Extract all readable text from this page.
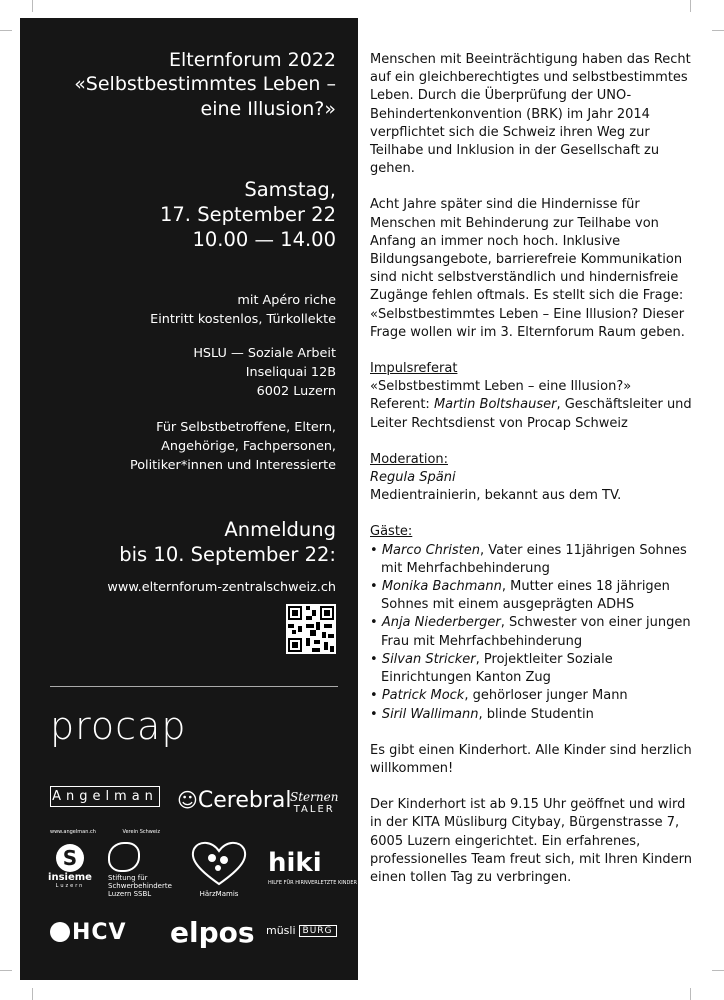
Elternforum 2022
«Selbstbestimmtes Leben –
eine Illusion?»
Samstag,
17. September 22
10.00 — 14.00
mit Apéro riche
Eintritt kostenlos, Türkollekte
HSLU — Soziale Arbeit
Inseliquai 12B
6002 Luzern
Für Selbstbetroffene, Eltern,
Angehörige, Fachpersonen,
Politiker*innen und Interessierte
Anmeldung
bis 10. September 22:
www.elternforum-zentralschweiz.ch
procap
Angelman
www.angelman.ch	Verein Schweiz
☺Cerebral
Sternen
TALER
S
insieme
Luzern
Stiftung für
Schwerbehinderte
Luzern SSBL	HärzMamis
hiki
HILFE FÜR HIRNVERLETZTE KINDER
HCV elpos müsli BURG

Menschen mit Beeinträchtigung haben das Recht auf ein gleichberechtigtes und selbstbestimmtes Leben. Durch die Überprüfung der UNO-Behindertenkonvention (BRK) im Jahr 2014 verpflichtet sich die Schweiz ihren Weg zur Teilhabe und Inklusion in der Gesellschaft zu gehen.

Acht Jahre später sind die Hindernisse für Menschen mit Behinderung zur Teilhabe von Anfang an immer noch hoch. Inklusive Bildungsangebote, barrierefreie Kommunikation sind nicht selbstverständlich und hindernisfreie Zugänge fehlen oftmals. Es stellt sich die Frage: «Selbstbestimmtes Leben – Eine Illusion? Dieser Frage wollen wir im 3. Elternforum Raum geben.

Impulsreferat
«Selbstbestimmt Leben – eine Illusion?»
Referent: Martin Boltshauser, Geschäftsleiter und Leiter Rechtsdienst von Procap Schweiz

Moderation:
Regula Späni
Medientrainierin, bekannt aus dem TV.

Gäste:
• Marco Christen, Vater eines 11jährigen Sohnes mit Mehrfachbehinderung
• Monika Bachmann, Mutter eines 18 jährigen Sohnes mit einem ausgeprägten ADHS
• Anja Niederberger, Schwester von einer jungen Frau mit Mehrfachbehinderung
• Silvan Stricker, Projektleiter Soziale Einrichtungen Kanton Zug
• Patrick Mock, gehörloser junger Mann
• Siril Wallimann, blinde Studentin

Es gibt einen Kinderhort. Alle Kinder sind herzlich willkommen!

Der Kinderhort ist ab 9.15 Uhr geöffnet und wird in der KITA Müsliburg Citybay, Bürgenstrasse 7, 6005 Luzern eingerichtet. Ein erfahrenes, professionelles Team freut sich, mit Ihren Kindern einen tollen Tag zu verbringen.
